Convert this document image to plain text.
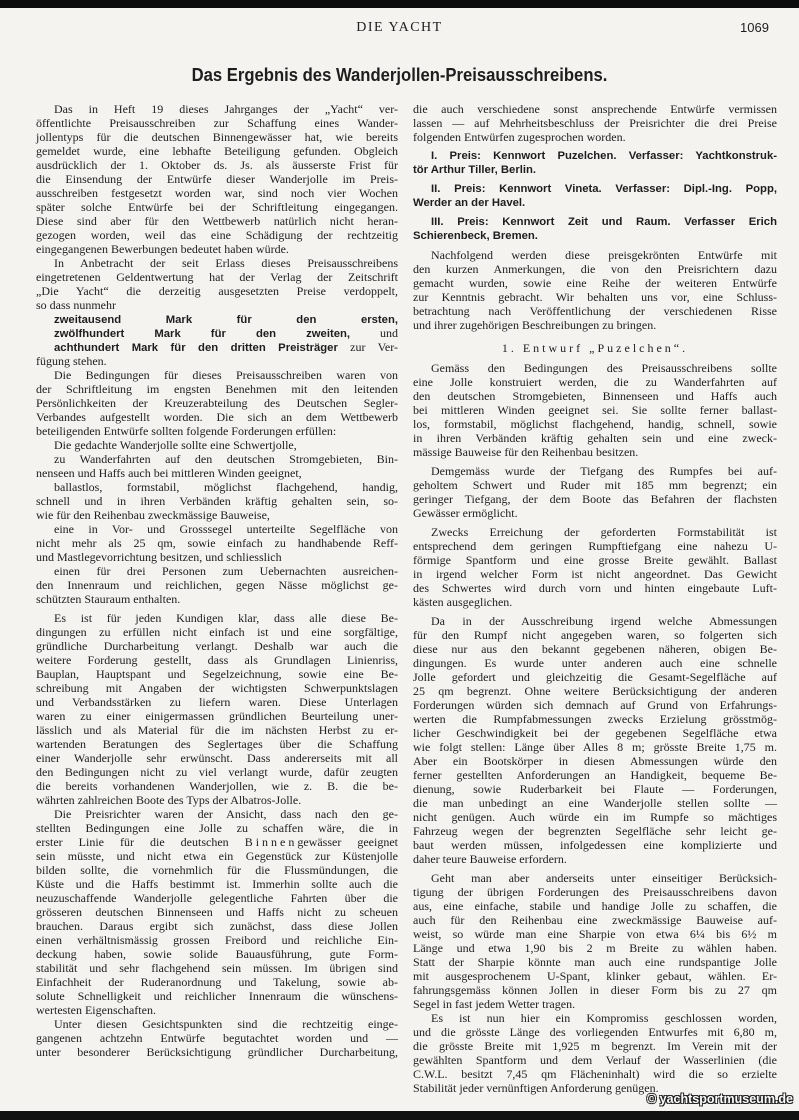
DIE YACHT	1069
Das Ergebnis des Wanderjollen-Preisausschreibens.
Das in Heft 19 dieses Jahrganges der „Yacht“ ver-
öffentlichte Preisausschreiben zur Schaffung eines Wander-
jollentyps für die deutschen Binnengewässer hat, wie bereits
gemeldet wurde, eine lebhafte Beteiligung gefunden. Obgleich
ausdrücklich der 1. Oktober ds. Js. als äusserste Frist für
die Einsendung der Entwürfe dieser Wanderjolle im Preis-
ausschreiben festgesetzt worden war, sind noch vier Wochen
später solche Entwürfe bei der Schriftleitung eingegangen.
Diese sind aber für den Wettbewerb natürlich nicht heran-
gezogen worden, weil das eine Schädigung der rechtzeitig
eingegangenen Bewerbungen bedeutet haben würde.
In Anbetracht der seit Erlass dieses Preisausschreibens
eingetretenen Geldentwertung hat der Verlag der Zeitschrift
„Die Yacht“ die derzeitig ausgesetzten Preise verdoppelt,
so dass nunmehr
zweitausend Mark für den ersten,
zwölfhundert Mark für den zweiten, und
achthundert Mark für den dritten Preisträger zur Ver-
fügung stehen.
Die Bedingungen für dieses Preisausschreiben waren von
der Schriftleitung im engsten Benehmen mit den leitenden
Persönlichkeiten der Kreuzerabteilung des Deutschen Segler-
Verbandes aufgestellt worden. Die sich an dem Wettbewerb
beteiligenden Entwürfe sollten folgende Forderungen erfüllen:
Die gedachte Wanderjolle sollte eine Schwertjolle,
zu Wanderfahrten auf den deutschen Stromgebieten, Bin-
nenseen und Haffs auch bei mittleren Winden geeignet,
ballastlos, formstabil, möglichst flachgehend, handig,
schnell und in ihren Verbänden kräftig gehalten sein, so-
wie für den Reihenbau zweckmässige Bauweise,
eine in Vor- und Grosssegel unterteilte Segelfläche von
nicht mehr als 25 qm, sowie einfach zu handhabende Reff-
und Mastlegevorrichtung besitzen, und schliesslich
einen für drei Personen zum Uebernachten ausreichen-
den Innenraum und reichlichen, gegen Nässe möglichst ge-
schützten Stauraum enthalten.
Es ist für jeden Kundigen klar, dass alle diese Be-
dingungen zu erfüllen nicht einfach ist und eine sorgfältige,
gründliche Durcharbeitung verlangt. Deshalb war auch die
weitere Forderung gestellt, dass als Grundlagen Linienriss,
Bauplan, Hauptspant und Segelzeichnung, sowie eine Be-
schreibung mit Angaben der wichtigsten Schwerpunktslagen
und Verbandsstärken zu liefern waren. Diese Unterlagen
waren zu einer einigermassen gründlichen Beurteilung uner-
lässlich und als Material für die im nächsten Herbst zu er-
wartenden Beratungen des Seglertages über die Schaffung
einer Wanderjolle sehr erwünscht. Dass andererseits mit all
den Bedingungen nicht zu viel verlangt wurde, dafür zeugten
die bereits vorhandenen Wanderjollen, wie z. B. die be-
währten zahlreichen Boote des Typs der Albatros-Jolle.
Die Preisrichter waren der Ansicht, dass nach den ge-
stellten Bedingungen eine Jolle zu schaffen wäre, die in
erster Linie für die deutschen Binnengewässer geeignet
sein müsste, und nicht etwa ein Gegenstück zur Küstenjolle
bilden sollte, die vornehmlich für die Flussmündungen, die
Küste und die Haffs bestimmt ist. Immerhin sollte auch die
neuzuschaffende Wanderjolle gelegentliche Fahrten über die
grösseren deutschen Binnenseen und Haffs nicht zu scheuen
brauchen. Daraus ergibt sich zunächst, dass diese Jollen
einen verhältnismässig grossen Freibord und reichliche Ein-
deckung haben, sowie solide Bauausführung, gute Form-
stabilität und sehr flachgehend sein müssen. Im übrigen sind
Einfachheit der Ruderanordnung und Takelung, sowie ab-
solute Schnelligkeit und reichlicher Innenraum die wünschens-
wertesten Eigenschaften.
Unter diesen Gesichtspunkten sind die rechtzeitig einge-
gangenen achtzehn Entwürfe begutachtet worden und —
unter besonderer Berücksichtigung gründlicher Durcharbeitung,
die auch verschiedene sonst ansprechende Entwürfe vermissen
lassen — auf Mehrheitsbeschluss der Preisrichter die drei Preise
folgenden Entwürfen zugesprochen worden.
I. Preis: Kennwort Puzelchen. Verfasser: Yachtkonstruk-
tör Arthur Tiller, Berlin.
II. Preis: Kennwort Vineta. Verfasser: Dipl.-Ing. Popp,
Werder an der Havel.
III. Preis: Kennwort Zeit und Raum. Verfasser Erich
Schierenbeck, Bremen.
Nachfolgend werden diese preisgekrönten Entwürfe mit
den kurzen Anmerkungen, die von den Preisrichtern dazu
gemacht wurden, sowie eine Reihe der weiteren Entwürfe
zur Kenntnis gebracht. Wir behalten uns vor, eine Schluss-
betrachtung nach Veröffentlichung der verschiedenen Risse
und ihrer zugehörigen Beschreibungen zu bringen.
1. Entwurf „Puzelchen“.
Gemäss den Bedingungen des Preisausschreibens sollte
eine Jolle konstruiert werden, die zu Wanderfahrten auf
den deutschen Stromgebieten, Binnenseen und Haffs auch
bei mittleren Winden geeignet sei. Sie sollte ferner ballast-
los, formstabil, möglichst flachgehend, handig, schnell, sowie
in ihren Verbänden kräftig gehalten sein und eine zweck-
mässige Bauweise für den Reihenbau besitzen.
Demgemäss wurde der Tiefgang des Rumpfes bei auf-
geholtem Schwert und Ruder mit 185 mm begrenzt; ein
geringer Tiefgang, der dem Boote das Befahren der flachsten
Gewässer ermöglicht.
Zwecks Erreichung der geforderten Formstabilität ist
entsprechend dem geringen Rumpftiefgang eine nahezu U-
förmige Spantform und eine grosse Breite gewählt. Ballast
in irgend welcher Form ist nicht angeordnet. Das Gewicht
des Schwertes wird durch vorn und hinten eingebaute Luft-
kästen ausgeglichen.
Da in der Ausschreibung irgend welche Abmessungen
für den Rumpf nicht angegeben waren, so folgerten sich
diese nur aus den bekannt gegebenen näheren, obigen Be-
dingungen. Es wurde unter anderen auch eine schnelle
Jolle gefordert und gleichzeitig die Gesamt-Segelfläche auf
25 qm begrenzt. Ohne weitere Berücksichtigung der anderen
Forderungen würden sich demnach auf Grund von Erfahrungs-
werten die Rumpfabmessungen zwecks Erzielung grösstmög-
licher Geschwindigkeit bei der gegebenen Segelfläche etwa
wie folgt stellen: Länge über Alles 8 m; grösste Breite 1,75 m.
Aber ein Bootskörper in diesen Abmessungen würde den
ferner gestellten Anforderungen an Handigkeit, bequeme Be-
dienung, sowie Ruderbarkeit bei Flaute — Forderungen,
die man unbedingt an eine Wanderjolle stellen sollte —
nicht genügen. Auch würde ein im Rumpfe so mächtiges
Fahrzeug wegen der begrenzten Segelfläche sehr leicht ge-
baut werden müssen, infolgedessen eine komplizierte und
daher teure Bauweise erfordern.
Geht man aber anderseits unter einseitiger Berücksich-
tigung der übrigen Forderungen des Preisausschreibens davon
aus, eine einfache, stabile und handige Jolle zu schaffen, die
auch für den Reihenbau eine zweckmässige Bauweise auf-
weist, so würde man eine Sharpie von etwa 6¼ bis 6½ m
Länge und etwa 1,90 bis 2 m Breite zu wählen haben.
Statt der Sharpie könnte man auch eine rundspantige Jolle
mit ausgesprochenem U-Spant, klinker gebaut, wählen. Er-
fahrungsgemäss können Jollen in dieser Form bis zu 27 qm
Segel in fast jedem Wetter tragen.
Es ist nun hier ein Kompromiss geschlossen worden,
und die grösste Länge des vorliegenden Entwurfes mit 6,80 m,
die grösste Breite mit 1,925 m begrenzt. Im Verein mit der
gewählten Spantform und dem Verlauf der Wasserlinien (die
C.W.L. besitzt 7,45 qm Flächeninhalt) wird die so erzielte
Stabilität jeder vernünftigen Anforderung genügen.
© yachtsportmuseum.de
